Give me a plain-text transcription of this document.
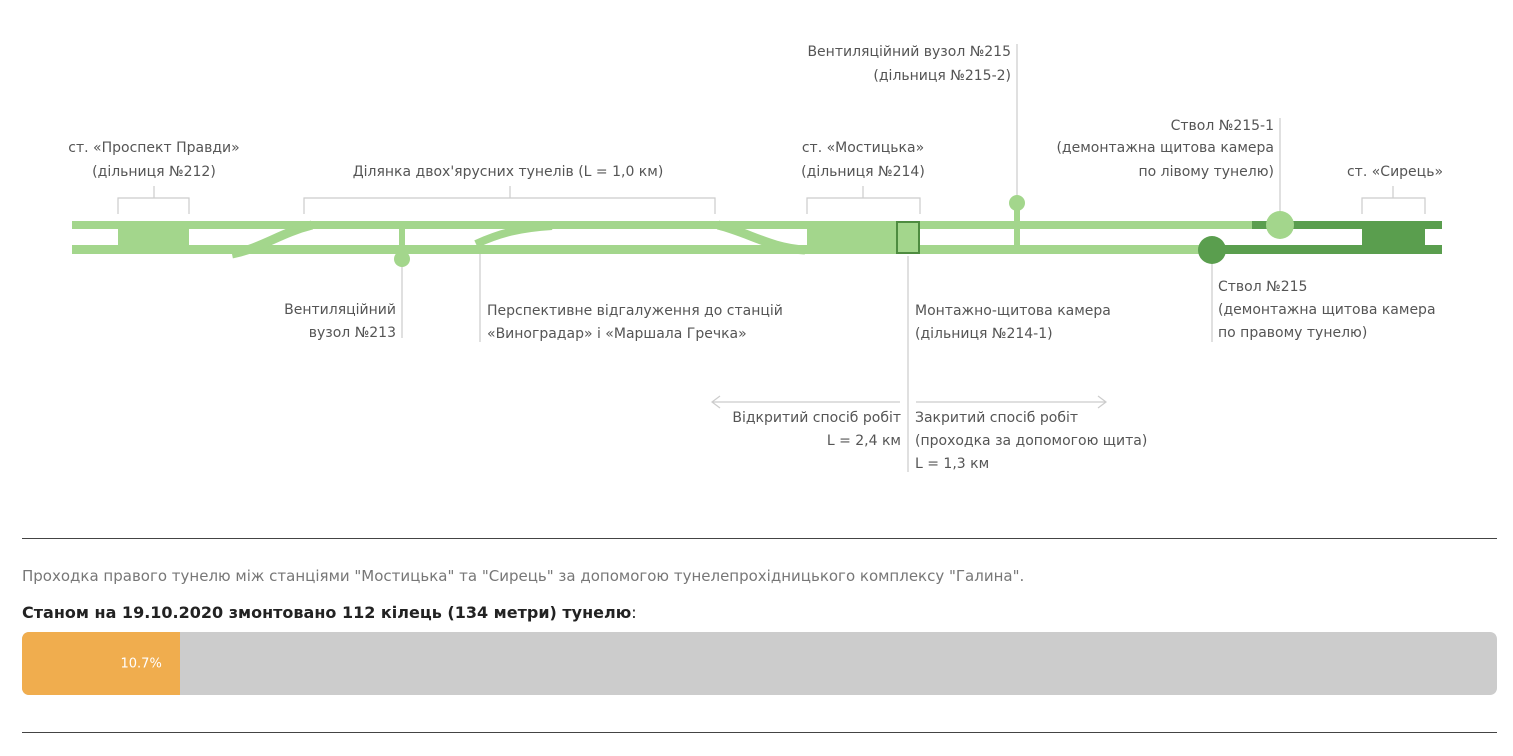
ст. «Проспект Правди»
(дільниця №212)	Ділянка двох'ярусних тунелів (L = 1,0 км)
ст. «Мостицька»
(дільниця №214)
Вентиляційний вузол №215
(дільниця №215-2)
Ствол №215-1
(демонтажна щитова камера
по лівому тунелю)	ст. «Сирець»
Вентиляційний
вузол №213
Перспективне відгалуження до станцій
«Виноградар» і «Маршала Гречка»
Монтажно-щитова камера
(дільниця №214-1)
Ствол №215
(демонтажна щитова камера
по правому тунелю)
Відкритий спосіб робіт
L = 2,4 км
Закритий спосіб робіт
(проходка за допомогою щита)
L = 1,3 км
Проходка правого тунелю між станціями "Мостицька" та "Сирець" за допомогою тунелепрохідницького комплексу "Галина".
Станом на 19.10.2020 змонтовано 112 кілець (134 метри) тунелю:
10.7%
